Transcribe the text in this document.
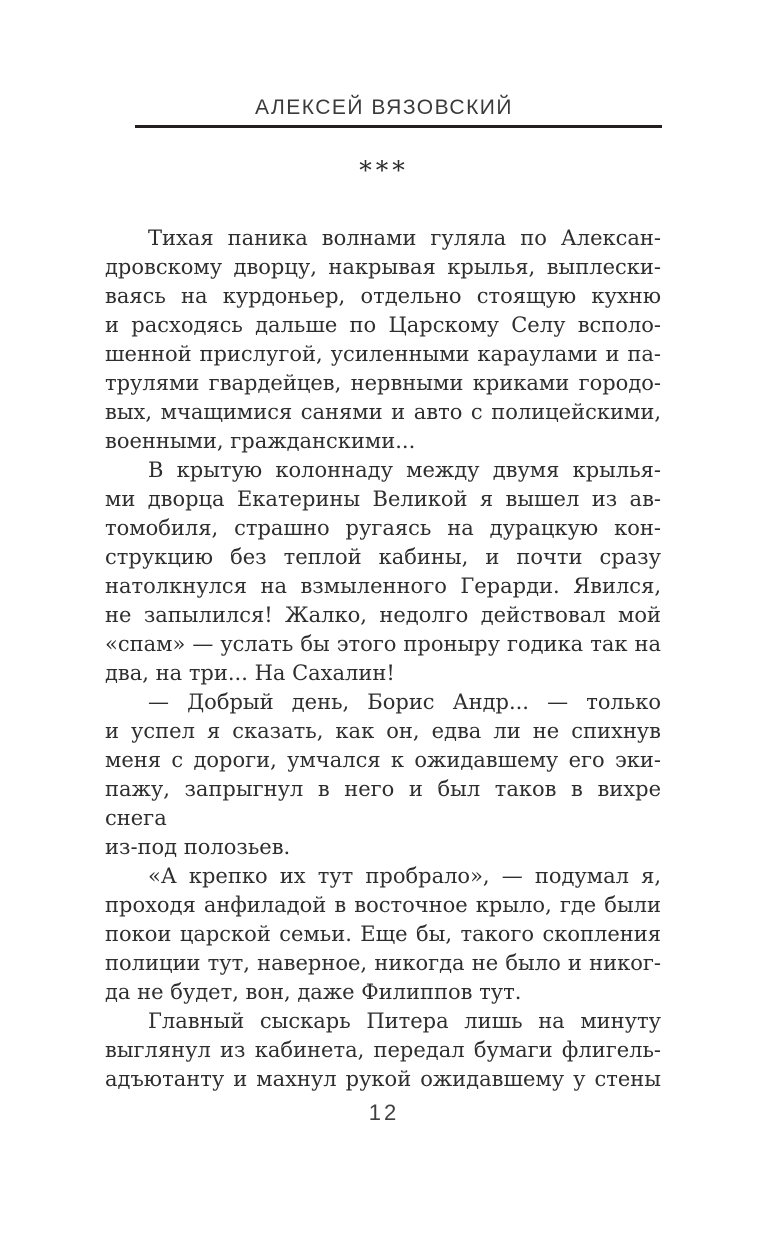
АЛЕКСЕЙ ВЯЗОВСКИЙ
***

Тихая паника волнами гуляла по Алексан-
дровскому дворцу, накрывая крылья, выплески-
ваясь на курдоньер, отдельно стоящую кухню
и расходясь дальше по Царскому Селу всполо-
шенной прислугой, усиленными караулами и па-
трулями гвардейцев, нервными криками городо-
вых, мчащимися санями и авто с полицейскими,
военными, гражданскими...

В крытую колоннаду между двумя крылья-
ми дворца Екатерины Великой я вышел из ав-
томобиля, страшно ругаясь на дурацкую кон-
струкцию без теплой кабины, и почти сразу
натолкнулся на взмыленного Герарди. Явился,
не запылился! Жалко, недолго действовал мой
«спам» — услать бы этого проныру годика так на
два, на три... На Сахалин!

— Добрый день, Борис Андр... — только
и успел я сказать, как он, едва ли не спихнув
меня с дороги, умчался к ожидавшему его эки-
пажу, запрыгнул в него и был таков в вихре снега
из-под полозьев.

«А крепко их тут пробрало», — подумал я,
проходя анфиладой в восточное крыло, где были
покои царской семьи. Еще бы, такого скопления
полиции тут, наверное, никогда не было и никог-
да не будет, вон, даже Филиппов тут.

Главный сыскарь Питера лишь на минуту
выглянул из кабинета, передал бумаги флигель-
адъютанту и махнул рукой ожидавшему у стены

12
